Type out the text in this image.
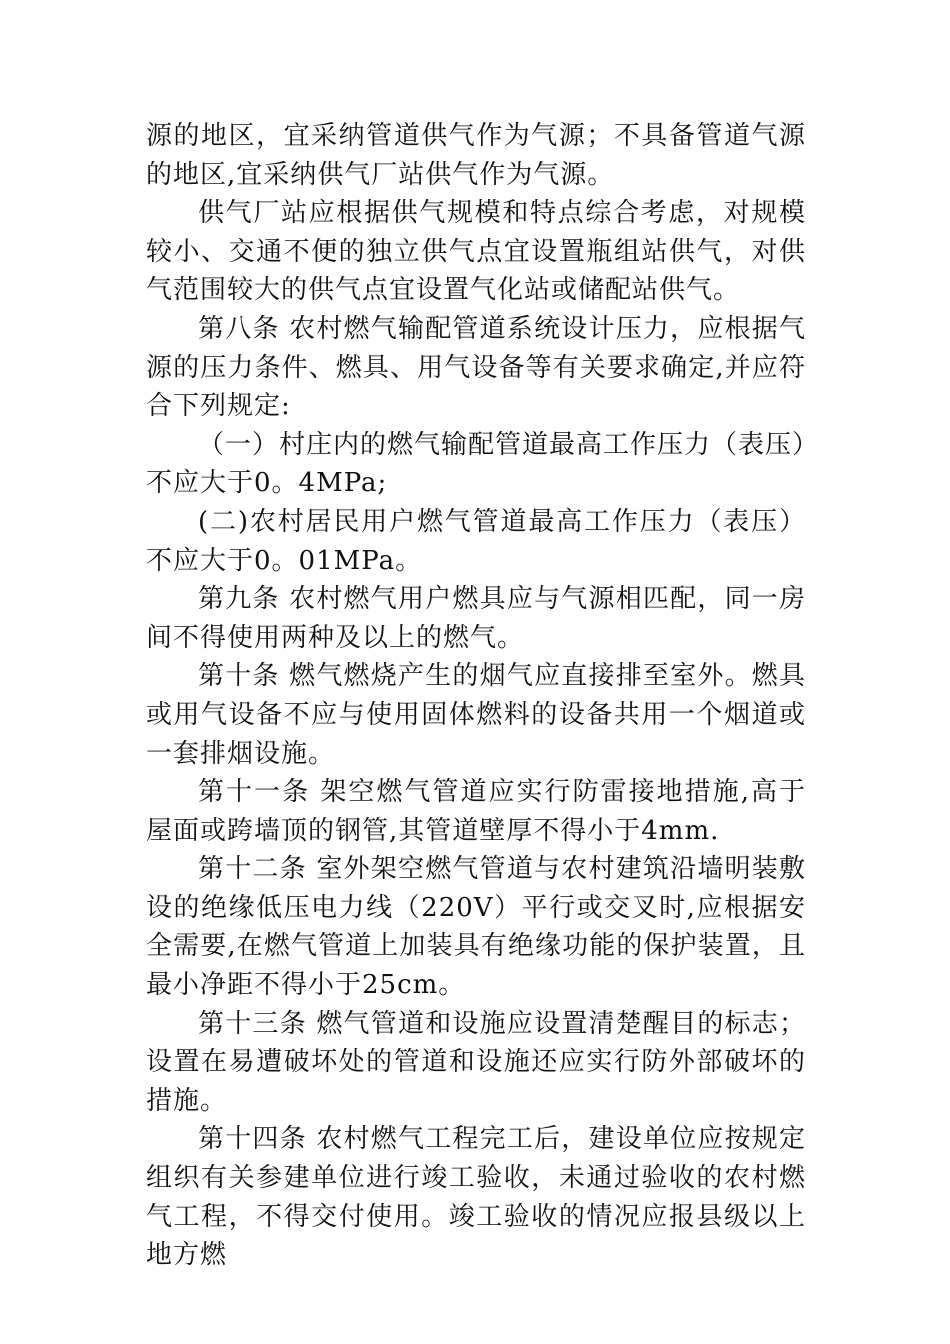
源的地区，宜采纳管道供气作为气源；不具备管道气源的地区,宜采纳供气厂站供气作为气源。

供气厂站应根据供气规模和特点综合考虑，对规模较小、交通不便的独立供气点宜设置瓶组站供气，对供气范围较大的供气点宜设置气化站或储配站供气。

第八条 农村燃气输配管道系统设计压力，应根据气源的压力条件、燃具、用气设备等有关要求确定,并应符合下列规定:

（一）村庄内的燃气输配管道最高工作压力（表压）不应大于0。4MPa;

(二)农村居民用户燃气管道最高工作压力（表压）不应大于0。01MPa。

第九条 农村燃气用户燃具应与气源相匹配，同一房间不得使用两种及以上的燃气。

第十条 燃气燃烧产生的烟气应直接排至室外。燃具或用气设备不应与使用固体燃料的设备共用一个烟道或一套排烟设施。

第十一条 架空燃气管道应实行防雷接地措施,高于屋面或跨墙顶的钢管,其管道壁厚不得小于4mm.

第十二条 室外架空燃气管道与农村建筑沿墙明装敷设的绝缘低压电力线（220V）平行或交叉时,应根据安全需要,在燃气管道上加装具有绝缘功能的保护装置，且最小净距不得小于25cm。

第十三条 燃气管道和设施应设置清楚醒目的标志；设置在易遭破坏处的管道和设施还应实行防外部破坏的措施。

第十四条 农村燃气工程完工后，建设单位应按规定组织有关参建单位进行竣工验收，未通过验收的农村燃气工程，不得交付使用。竣工验收的情况应报县级以上地方燃
